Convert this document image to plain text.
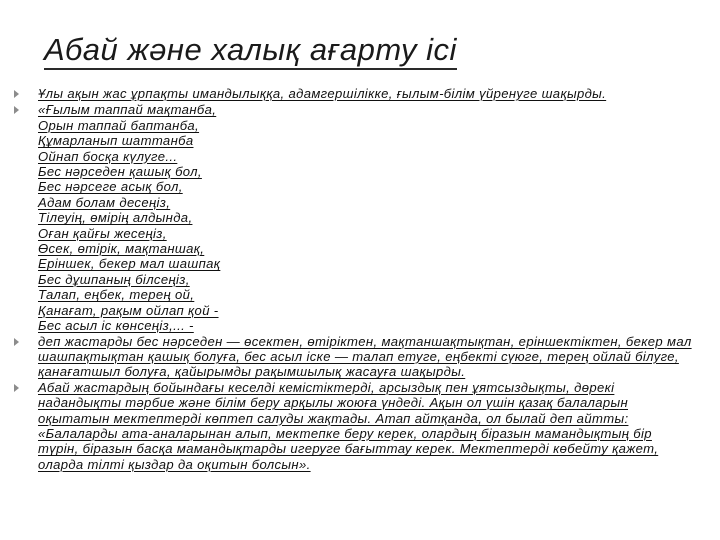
Абай және халық ағарту ісі
Ұлы ақын жас ұрпақты имандылыққа, адамгершілікке, ғылым-білім үйренуге шақырды.
«Ғылым таппай мақтанба,
Орын таппай баптанба,
Құмарланып шаттанба
Ойнап босқа күлуге...
Бес нәрседен қашық бол,
Бес нәрсеге асық бол,
Адам болам десеңіз,
Тілеуің, өмірің алдында,
Оған қайғы жесеңіз,
Өсек, өтірік, мақтаншақ,
Еріншек, бекер мал шашпақ
Бес дұшпаның білсеңіз,
Талап, еңбек, терең ой,
Қанағат, рақым ойлап қой -
Бес асыл іс көнсеңіз,... -
деп жастарды бес нәрседен — өсектен, өтіріктен, мақтаншақтықтан, еріншектіктен, бекер мал
шашпақтықтан қашық болуға, бес асыл іске — талап етуге, еңбекті сүюге, терең ойлай білуге,
қанағатшыл болуға, қайырымды рақымшылық жасауға шақырды.
Абай жастардың бойындағы кеселді кемістіктерді, арсыздық пен ұятсыздықты, дөрекі
надандықты тәрбие және білім беру арқылы жоюға үндеді. Ақын ол үшін қазақ балаларын
оқытатын мектептерді көптеп салуды жақтады. Атап айтқанда, ол былай деп айтты:
«Балаларды ата-аналарынан алып, мектепке беру керек, олардың біразын мамандықтың бір
түрін, біразын басқа мамандықтарды игеруге бағыттау керек. Мектептерді көбейту қажет,
оларда тілті қыздар да оқитын болсын».
